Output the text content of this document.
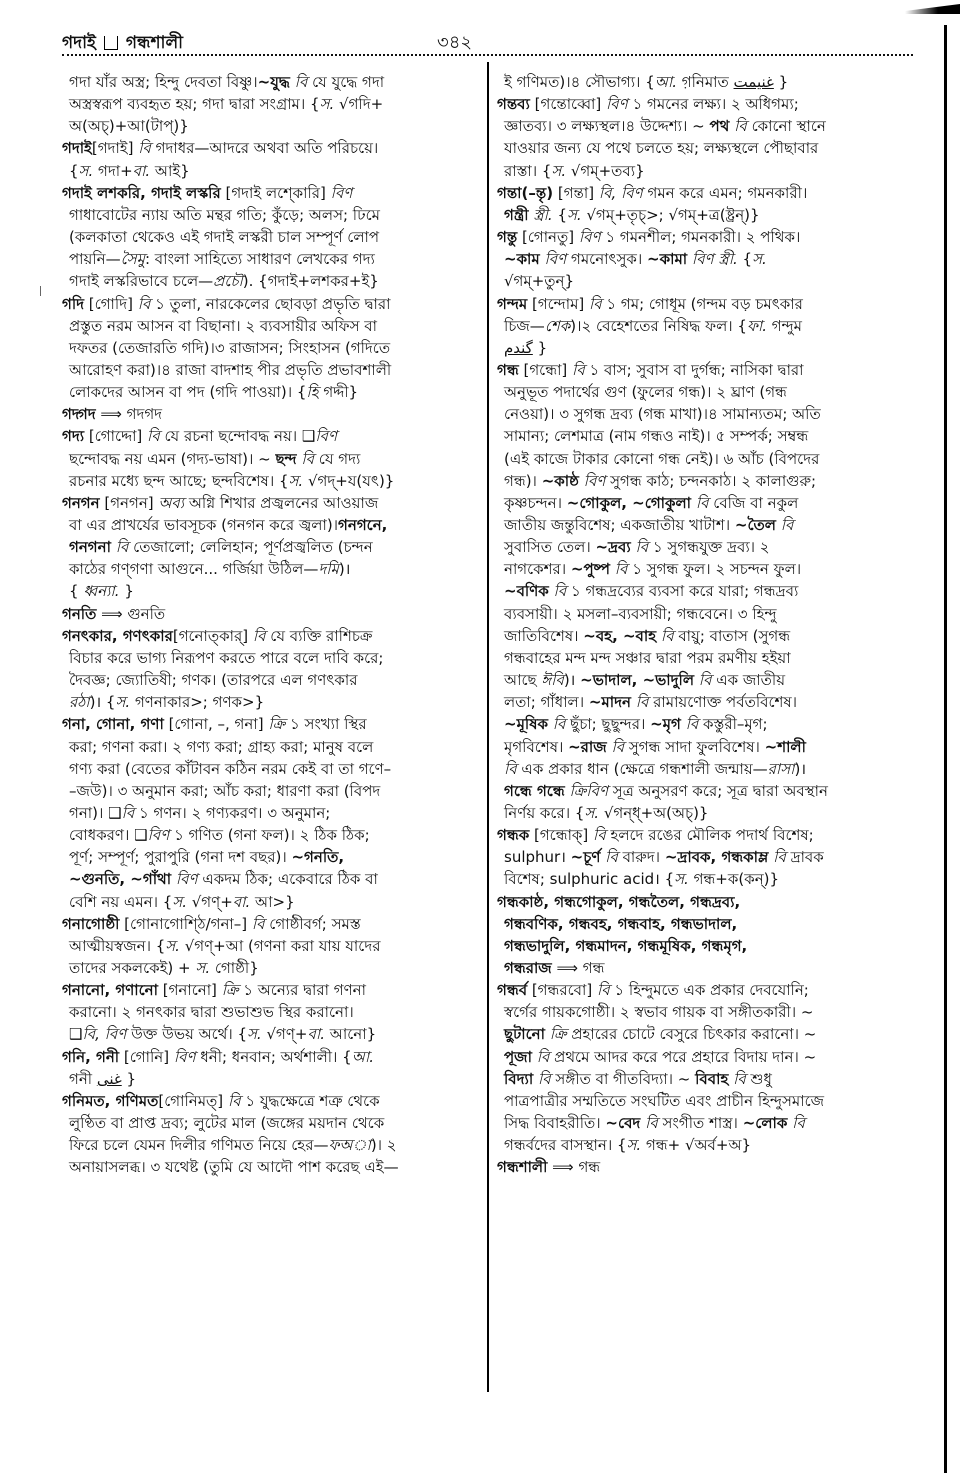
গদাই গন্ধশালী	৩৪২
গদা যাঁর অস্ত্র; হিন্দু দেবতা বিষ্ণু।~যুদ্ধ বি যে যুদ্ধে গদা
অস্ত্রস্বরূপ ব্যবহৃত হয়; গদা দ্বারা সংগ্রাম। {স. √গদি+
অ(অচ্)+আ(টাপ্)}
গদাই[গদাই] বি গদাধর—আদরে অথবা অতি পরিচয়ে।
{স. গদা+বা. আই}
গদাই লশকরি, গদাই লস্করি [গদাই লশ্কোরি] বিণ
গাধাবোটের ন্যায় অতি মন্থর গতি; কুঁড়ে; অলস; ঢিমে
(কলকাতা থেকেও এই গদাই লস্করী চাল সম্পূর্ণ লোপ
পায়নি—সৈমু: বাংলা সাহিত্যে সাধারণ লেখকের গদ্য
গদাই লস্করিভাবে চলে—প্রচৌ). {গদাই+লশকর+ই}
গদি [গোদি] বি ১ তুলা, নারকেলের ছোবড়া প্রভৃতি দ্বারা
প্রস্তুত নরম আসন বা বিছানা। ২ ব্যবসায়ীর অফিস বা
দফতর (তেজারতি গদি)।৩ রাজাসন; সিংহাসন (গদিতে
আরোহণ করা)।৪ রাজা বাদশাহ পীর প্রভৃতি প্রভাবশালী
লোকদের আসন বা পদ (গদি পাওয়া)। {হি গদ্দী}
গদ্গদ ⟹ গদগদ
গদ্য [গোদ্দো] বি যে রচনা ছন্দোবদ্ধ নয়। ❑বিণ
ছন্দোবদ্ধ নয় এমন (গদ্য-ভাষা)। ~ ছন্দ বি যে গদ্য
রচনার মধ্যে ছন্দ আছে; ছন্দবিশেষ। {স. √গদ্+য(যৎ)}
গনগন [গনগন] অব্য অগ্নি শিখার প্রজ্বলনের আওয়াজ
বা এর প্রাখর্যের ভাবসূচক (গনগন করে জ্বলা)।গনগনে,
গনগনা বি তেজালো; লেলিহান; পূর্ণপ্রজ্বলিত (চন্দন
কাঠের গণ্গণা আগুনে... গর্জিয়া উঠিল—দমি)।
{ ধ্বন্যা. }
গনতি ⟹ গুনতি
গনৎকার, গণৎকার[গনোত্কার্] বি যে ব্যক্তি রাশিচক্র
বিচার করে ভাগ্য নিরূপণ করতে পারে বলে দাবি করে;
দৈবজ্ঞ; জ্যোতিষী; গণক। (তারপরে এল গণৎকার
রঠা)। {স. গণনাকার>; গণক>}
গনা, গোনা, গণা [গোনা, –, গনা] ক্রি ১ সংখ্যা স্থির
করা; গণনা করা। ২ গণ্য করা; গ্রাহ্য করা; মানুষ বলে
গণ্য করা (বেতের কাঁটাবন কঠিন নরম কেই বা তা গণে–
–জউ)। ৩ অনুমান করা; আঁচ করা; ধারণা করা (বিপদ
গনা)। ❑বি ১ গণন। ২ গণ্যকরণ। ৩ অনুমান;
বোধকরণ। ❑বিণ ১ গণিত (গনা ফল)। ২ ঠিক ঠিক;
পূর্ণ; সম্পূর্ণ; পুরাপুরি (গনা দশ বছর)। ~গনতি,
~গুনতি, ~গাঁথা বিণ একদম ঠিক; একেবারে ঠিক বা
বেশি নয় এমন। {স. √গণ্+বা. আ>}
গনাগোষ্ঠী [গোনাগোশ্ঠি/গনা–] বি গোষ্ঠীবর্গ; সমস্ত
আত্মীয়স্বজন। {স. √গণ্+আ (গণনা করা যায় যাদের
তাদের সকলকেই) + স. গোষ্ঠী}
গনানো, গণানো [গনানো] ক্রি ১ অন্যের দ্বারা গণনা
করানো। ২ গনৎকার দ্বারা শুভাশুভ স্থির করানো।
❑বি, বিণ উক্ত উভয় অর্থে। {স. √গণ্+বা. আনো}
গনি, গনী [গোনি] বিণ ধনী; ধনবান; অর্থশালী। {আ.
গনী غنى }
গনিমত, গণিমত[গোনিমত্] বি ১ যুদ্ধক্ষেত্রে শত্রু থেকে
লুণ্ঠিত বা প্রাপ্ত দ্রব্য; লুটের মাল (জঙ্গের ময়দান থেকে
ফিরে চলে যেমন দিলীর গণিমত নিয়ে হের—ফঅা)। ২
অনায়াসলব্ধ। ৩ যথেষ্ট (তুমি যে আদৌ পাশ করেছ এই—
ই গণিমত)।৪ সৌভাগ্য। {আ. গ়নিমাত غنيمت }
গন্তব্য [গন্তোব্বো] বিণ ১ গমনের লক্ষ্য। ২ অধিগম্য;
জ্ঞাতব্য। ৩ লক্ষ্যস্থল।৪ উদ্দেশ্য। ~ পথ বি কোনো স্থানে
যাওয়ার জন্য যে পথে চলতে হয়; লক্ষ্যস্থলে পৌছাবার
রাস্তা। {স. √গম্+তব্য}
গন্তা(–ন্তৃ) [গন্তা] বি, বিণ গমন করে এমন; গমনকারী।
গন্ত্রী স্ত্রী. {স. √গম্+তৃচ্>; √গম্+ত্র(ষ্ট্রন্)}
গন্তু [গোনতু] বিণ ১ গমনশীল; গমনকারী। ২ পথিক।
~কাম বিণ গমনোৎসুক। ~কামা বিণ স্ত্রী. {স.
√গম্+তুন্}
গন্দম [গন্দোম] বি ১ গম; গোধূম (গন্দম বড় চমৎকার
চিজ—শেক)।২ বেহেশতের নিষিদ্ধ ফল। {ফা. গন্দুম
گندم }
গন্ধ [গন্ধো] বি ১ বাস; সুবাস বা দুর্গন্ধ; নাসিকা দ্বারা
অনুভূত পদার্থের গুণ (ফুলের গন্ধ)। ২ ঘ্রাণ (গন্ধ
নেওয়া)। ৩ সুগন্ধ দ্রব্য (গন্ধ মাখা)।৪ সামান্যতম; অতি
সামান্য; লেশমাত্র (নাম গন্ধও নাই)। ৫ সম্পর্ক; সম্বন্ধ
(এই কাজে টাকার কোনো গন্ধ নেই)। ৬ আঁচ (বিপদের
গন্ধ)। ~কাষ্ঠ বিণ সুগন্ধ কাঠ; চন্দনকাঠ। ২ কালাগুরু;
কৃষ্ণচন্দন। ~গোকুল, ~গোকুলা বি বেজি বা নকুল
জাতীয় জন্তুবিশেষ; একজাতীয় খাটাশ। ~তৈল বি
সুবাসিত তেল। ~দ্রব্য বি ১ সুগন্ধযুক্ত দ্রব্য। ২
নাগকেশর। ~পুষ্প বি ১ সুগন্ধ ফুল। ২ সচন্দন ফুল।
~বণিক বি ১ গন্ধদ্রব্যের ব্যবসা করে যারা; গন্ধদ্রব্য
ব্যবসায়ী। ২ মসলা–ব্যবসায়ী; গন্ধবেনে। ৩ হিন্দু
জাতিবিশেষ। ~বহ, ~বাহ বি বায়ু; বাতাস (সুগন্ধ
গন্ধবাহের মন্দ মন্দ সঞ্চার দ্বারা পরম রমণীয় হইয়া
আছে ঈবি)। ~ভাদাল, ~ভাদুলি বি এক জাতীয়
লতা; গাঁধাল। ~মাদন বি রামায়ণোক্ত পর্বতবিশেষ।
~মূষিক বি ছুঁচা; ছুছুন্দর। ~মৃগ বি কস্তুরী–মৃগ;
মৃগবিশেষ। ~রাজ বি সুগন্ধ সাদা ফুলবিশেষ। ~শালী
বি এক প্রকার ধান (ক্ষেত্রে গন্ধশালী জন্মায়—রাসা)।
গন্ধে গন্ধে ক্রিবিণ সূত্র অনুসরণ করে; সূত্র দ্বারা অবস্থান
নির্ণয় করে। {স. √গন্ধ্+অ(অচ্)}
গন্ধক [গন্ধোক্] বি হলদে রঙের মৌলিক পদার্থ বিশেষ;
sulphur। ~চূর্ণ বি বারুদ। ~দ্রাবক, গন্ধকাম্ল বি দ্রাবক
বিশেষ; sulphuric acid। {স. গন্ধ+ক(কন্)}
গন্ধকাষ্ঠ, গন্ধগোকুল, গন্ধতৈল, গন্ধদ্রব্য,
গন্ধবণিক, গন্ধবহ, গন্ধবাহ, গন্ধভাদাল,
গন্ধভাদুলি, গন্ধমাদন, গন্ধমূষিক, গন্ধমৃগ,
গন্ধরাজ ⟹ গন্ধ
গন্ধর্ব [গন্ধরবো] বি ১ হিন্দুমতে এক প্রকার দেবযোনি;
স্বর্গের গায়কগোষ্ঠী। ২ স্বভাব গায়ক বা সঙ্গীতকারী। ~
ছুটানো ক্রি প্রহারের চোটে বেসুরে চিৎকার করানো। ~
পূজা বি প্রথমে আদর করে পরে প্রহারে বিদায় দান। ~
বিদ্যা বি সঙ্গীত বা গীতবিদ্যা। ~ বিবাহ বি শুধু
পাত্রপাত্রীর সম্মতিতে সংঘটিত এবং প্রাচীন হিন্দুসমাজে
সিদ্ধ বিবাহরীতি। ~বেদ বি সংগীত শাস্ত্র। ~লোক বি
গন্ধর্বদের বাসস্থান। {স. গন্ধ+ √অর্ব+অ}
গন্ধশালী ⟹ গন্ধ
